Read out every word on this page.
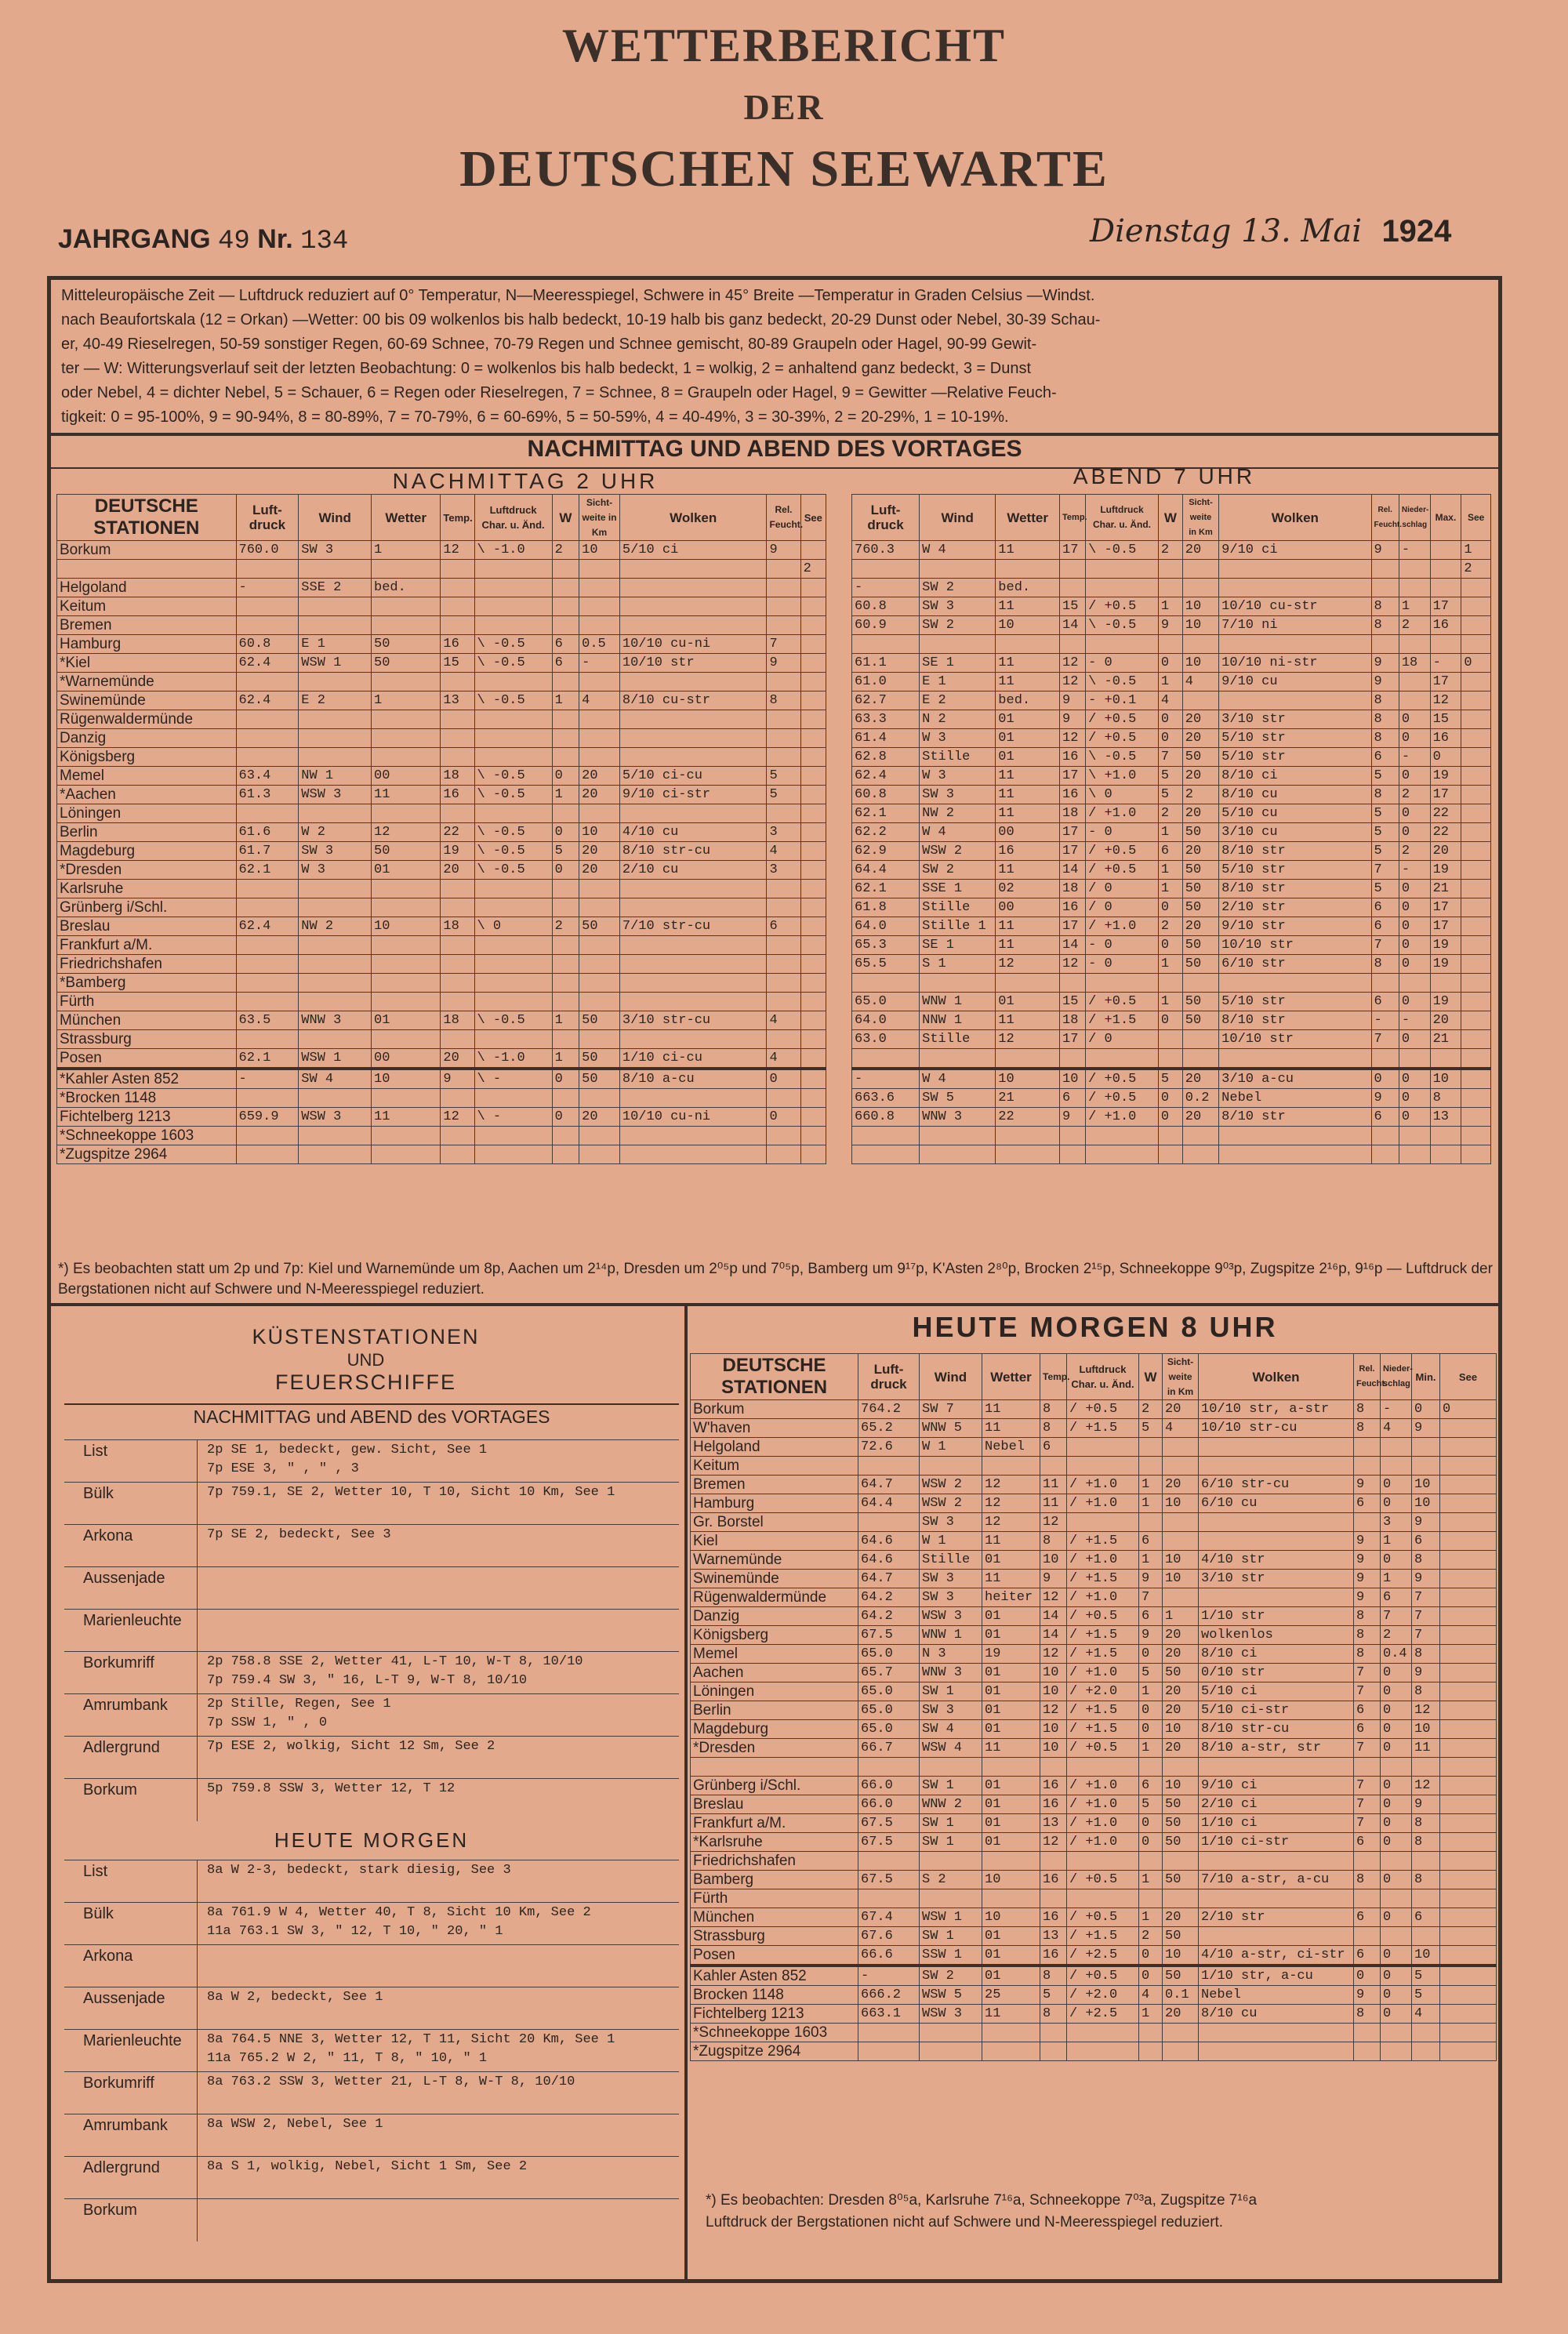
WETTERBERICHT
DER
DEUTSCHEN SEEWARTE
JAHRGANG 49 Nr. 134	Dienstag 13. Mai 1924
Mitteleuropäische Zeit — Luftdruck reduziert auf 0° Temperatur, N—Meeresspiegel, Schwere in 45° Breite —Temperatur in Graden Celsius —Windst.
nach Beaufortskala (12 = Orkan) —Wetter: 00 bis 09 wolkenlos bis halb bedeckt, 10-19 halb bis ganz bedeckt, 20-29 Dunst oder Nebel, 30-39 Schau-
er, 40-49 Rieselregen, 50-59 sonstiger Regen, 60-69 Schnee, 70-79 Regen und Schnee gemischt, 80-89 Graupeln oder Hagel, 90-99 Gewit-
ter — W: Witterungsverlauf seit der letzten Beobachtung: 0 = wolkenlos bis halb bedeckt, 1 = wolkig, 2 = anhaltend ganz bedeckt, 3 = Dunst
oder Nebel, 4 = dichter Nebel, 5 = Schauer, 6 = Regen oder Rieselregen, 7 = Schnee, 8 = Graupeln oder Hagel, 9 = Gewitter —Relative Feuch-
tigkeit: 0 = 95-100%, 9 = 90-94%, 8 = 80-89%, 7 = 70-79%, 6 = 60-69%, 5 = 50-59%, 4 = 40-49%, 3 = 30-39%, 2 = 20-29%, 1 = 10-19%.
NACHMITTAG UND ABEND DES VORTAGES
NACHMITTAG 2 UHR	ABEND 7 UHR
DEUTSCHE STATIONEN	Luft-druck	Wind	Wetter	Temp.	Luftdruck Char. u. Änd.	W	Sicht-weite in Km	Wolken	Rel. Feucht.	See
Borkum	760.0	SW 3	1	12	\ -1.0	2	10	5/10 ci	9	
										2
Helgoland	-	SSE 2	bed.							
Keitum										
Bremen										
Hamburg	60.8	E 1	50	16	\ -0.5	6	0.5	10/10 cu-ni	7	
*Kiel	62.4	WSW 1	50	15	\ -0.5	6	-	10/10 str	9	
*Warnemünde										
Swinemünde	62.4	E 2	1	13	\ -0.5	1	4	8/10 cu-str	8	
Rügenwaldermünde										
Danzig										
Königsberg										
Memel	63.4	NW 1	00	18	\ -0.5	0	20	5/10 ci-cu	5	
*Aachen	61.3	WSW 3	11	16	\ -0.5	1	20	9/10 ci-str	5	
Löningen										
Berlin	61.6	W 2	12	22	\ -0.5	0	10	4/10 cu	3	
Magdeburg	61.7	SW 3	50	19	\ -0.5	5	20	8/10 str-cu	4	
*Dresden	62.1	W 3	01	20	\ -0.5	0	20	2/10 cu	3	
Karlsruhe										
Grünberg i/Schl.										
Breslau	62.4	NW 2	10	18	\ 0	2	50	7/10 str-cu	6	
Frankfurt a/M.										
Friedrichshafen										
*Bamberg										
Fürth										
München	63.5	WNW 3	01	18	\ -0.5	1	50	3/10 str-cu	4	
Strassburg										
Posen	62.1	WSW 1	00	20	\ -1.0	1	50	1/10 ci-cu	4	
*Kahler Asten 852	-	SW 4	10	9	\ -	0	50	8/10 a-cu	0	
*Brocken 1148										
Fichtelberg 1213	659.9	WSW 3	11	12	\ -	0	20	10/10 cu-ni	0	
*Schneekoppe 1603										
*Zugspitze 2964										
Luft-druck	Wind	Wetter	Temp.	Luftdruck Char. u. Änd.	W	Sicht-weite in Km	Wolken	Rel. Feucht.	Nieder-schlag	Max.	See
760.3	W 4	11	17	\ -0.5	2	20	9/10 ci	9	-		1
											2
-	SW 2	bed.									
60.8	SW 3	11	15	/ +0.5	1	10	10/10 cu-str	8	1	17	
60.9	SW 2	10	14	\ -0.5	9	10	7/10 ni	8	2	16	

61.1	SE 1	11	12	- 0	0	10	10/10 ni-str	9	18	-	0
61.0	E 1	11	12	\ -0.5	1	4	9/10 cu	9		17	
62.7	E 2	bed.	9	- +0.1	4			8		12	
63.3	N 2	01	9	/ +0.5	0	20	3/10 str	8	0	15	
61.4	W 3	01	12	/ +0.5	0	20	5/10 str	8	0	16	
62.8	Stille	01	16	\ -0.5	7	50	5/10 str	6	-	0	
62.4	W 3	11	17	\ +1.0	5	20	8/10 ci	5	0	19	
60.8	SW 3	11	16	\ 0	5	2	8/10 cu	8	2	17	
62.1	NW 2	11	18	/ +1.0	2	20	5/10 cu	5	0	22	
62.2	W 4	00	17	- 0	1	50	3/10 cu	5	0	22	
62.9	WSW 2	16	17	/ +0.5	6	20	8/10 str	5	2	20	
64.4	SW 2	11	14	/ +0.5	1	50	5/10 str	7	-	19	
62.1	SSE 1	02	18	/ 0	1	50	8/10 str	5	0	21	
61.8	Stille	00	16	/ 0	0	50	2/10 str	6	0	17	
64.0	Stille 1	11	17	/ +1.0	2	20	9/10 str	6	0	17	
65.3	SE 1	11	14	- 0	0	50	10/10 str	7	0	19	
65.5	S 1	12	12	- 0	1	50	6/10 str	8	0	19	

65.0	WNW 1	01	15	/ +0.5	1	50	5/10 str	6	0	19	
64.0	NNW 1	11	18	/ +1.5	0	50	8/10 str	-	-	20	
63.0	Stille	12	17	/ 0			10/10 str	7	0	21	

-	W 4	10	10	/ +0.5	5	20	3/10 a-cu	0	0	10	
663.6	SW 5	21	6	/ +0.5	0	0.2	Nebel	9	0	8	
660.8	WNW 3	22	9	/ +1.0	0	20	8/10 str	6	0	13	

*) Es beobachten statt um 2p und 7p: Kiel und Warnemünde um 8p, Aachen um 2¹⁴p, Dresden um 2⁰⁵p und 7⁰⁵p, Bamberg um 9¹⁷p, K'Asten 2⁸⁰p, Brocken 2¹⁵p, Schneekoppe 9⁰³p, Zugspitze 2¹⁶p, 9¹⁶p — Luftdruck der Bergstationen nicht auf Schwere und N-Meeresspiegel reduziert.
KÜSTENSTATIONEN
UND
FEUERSCHIFFE
NACHMITTAG und ABEND des VORTAGES
List	2p SE 1, bedeckt, gew. Sicht, See 1
7p ESE 3, " , " , 3
Bülk	7p 759.1, SE 2, Wetter 10, T 10, Sicht 10 Km, See 1
Arkona	7p SE 2, bedeckt, See 3
Aussenjade
Marienleuchte
Borkumriff	2p 758.8 SSE 2, Wetter 41, L-T 10, W-T 8, 10/10
7p 759.4 SW 3, " 16, L-T 9, W-T 8, 10/10
Amrumbank	2p Stille, Regen, See 1
7p SSW 1, " , 0
Adlergrund	7p ESE 2, wolkig, Sicht 12 Sm, See 2
Borkum	5p 759.8 SSW 3, Wetter 12, T 12
HEUTE MORGEN
List	8a W 2-3, bedeckt, stark diesig, See 3
Bülk	8a 761.9 W 4, Wetter 40, T 8, Sicht 10 Km, See 2
11a 763.1 SW 3, " 12, T 10, " 20, " 1
Arkona
Aussenjade	8a W 2, bedeckt, See 1
Marienleuchte	8a 764.5 NNE 3, Wetter 12, T 11, Sicht 20 Km, See 1
11a 765.2 W 2, " 11, T 8, " 10, " 1
Borkumriff	8a 763.2 SSW 3, Wetter 21, L-T 8, W-T 8, 10/10
Amrumbank	8a WSW 2, Nebel, See 1
Adlergrund	8a S 1, wolkig, Nebel, Sicht 1 Sm, See 2
Borkum
HEUTE MORGEN 8 UHR
DEUTSCHE STATIONEN	Luft-druck	Wind	Wetter	Temp.	Luftdruck Char. u. Änd.	W	Sicht-weite in Km	Wolken	Rel. Feucht.	Nieder-schlag	Min.	See
Borkum	764.2	SW 7	11	8	/ +0.5	2	20	10/10 str, a-str	8	-	0	0
W'haven	65.2	WNW 5	11	8	/ +1.5	5	4	10/10 str-cu	8	4	9	
Helgoland	72.6	W 1	Nebel	6								
Keitum												
Bremen	64.7	WSW 2	12	11	/ +1.0	1	20	6/10 str-cu	9	0	10	
Hamburg	64.4	WSW 2	12	11	/ +1.0	1	10	6/10 cu	6	0	10	
Gr. Borstel		SW 3	12	12						3	9	
Kiel	64.6	W 1	11	8	/ +1.5	6			9	1	6	
Warnemünde	64.6	Stille	01	10	/ +1.0	1	10	4/10 str	9	0	8	
Swinemünde	64.7	SW 3	11	9	/ +1.5	9	10	3/10 str	9	1	9	
Rügenwaldermünde	64.2	SW 3	heiter	12	/ +1.0	7			9	6	7	
Danzig	64.2	WSW 3	01	14	/ +0.5	6	1	1/10 str	8	7	7	
Königsberg	67.5	WNW 1	01	14	/ +1.5	9	20	wolkenlos	8	2	7	
Memel	65.0	N 3	19	12	/ +1.5	0	20	8/10 ci	8	0.4	8	
Aachen	65.7	WNW 3	01	10	/ +1.0	5	50	0/10 str	7	0	9	
Löningen	65.0	SW 1	01	10	/ +2.0	1	20	5/10 ci	7	0	8	
Berlin	65.0	SW 3	01	12	/ +1.5	0	20	5/10 ci-str	6	0	12	
Magdeburg	65.0	SW 4	01	10	/ +1.5	0	10	8/10 str-cu	6	0	10	
*Dresden	66.7	WSW 4	11	10	/ +0.5	1	20	8/10 a-str, str	7	0	11	

Grünberg i/Schl.	66.0	SW 1	01	16	/ +1.0	6	10	9/10 ci	7	0	12	
Breslau	66.0	WNW 2	01	16	/ +1.0	5	50	2/10 ci	7	0	9	
Frankfurt a/M.	67.5	SW 1	01	13	/ +1.0	0	50	1/10 ci	7	0	8	
*Karlsruhe	67.5	SW 1	01	12	/ +1.0	0	50	1/10 ci-str	6	0	8	
Friedrichshafen												
Bamberg	67.5	S 2	10	16	/ +0.5	1	50	7/10 a-str, a-cu	8	0	8	
Fürth												
München	67.4	WSW 1	10	16	/ +0.5	1	20	2/10 str	6	0	6	
Strassburg	67.6	SW 1	01	13	/ +1.5	2	50					
Posen	66.6	SSW 1	01	16	/ +2.5	0	10	4/10 a-str, ci-str	6	0	10	
Kahler Asten 852	-	SW 2	01	8	/ +0.5	0	50	1/10 str, a-cu	0	0	5	
Brocken 1148	666.2	WSW 5	25	5	/ +2.0	4	0.1	Nebel	9	0	5	
Fichtelberg 1213	663.1	WSW 3	11	8	/ +2.5	1	20	8/10 cu	8	0	4	
*Schneekoppe 1603												
*Zugspitze 2964												
*) Es beobachten: Dresden 8⁰⁵a, Karlsruhe 7¹⁶a, Schneekoppe 7⁰³a, Zugspitze 7¹⁶a
Luftdruck der Bergstationen nicht auf Schwere und N-Meeresspiegel reduziert.
